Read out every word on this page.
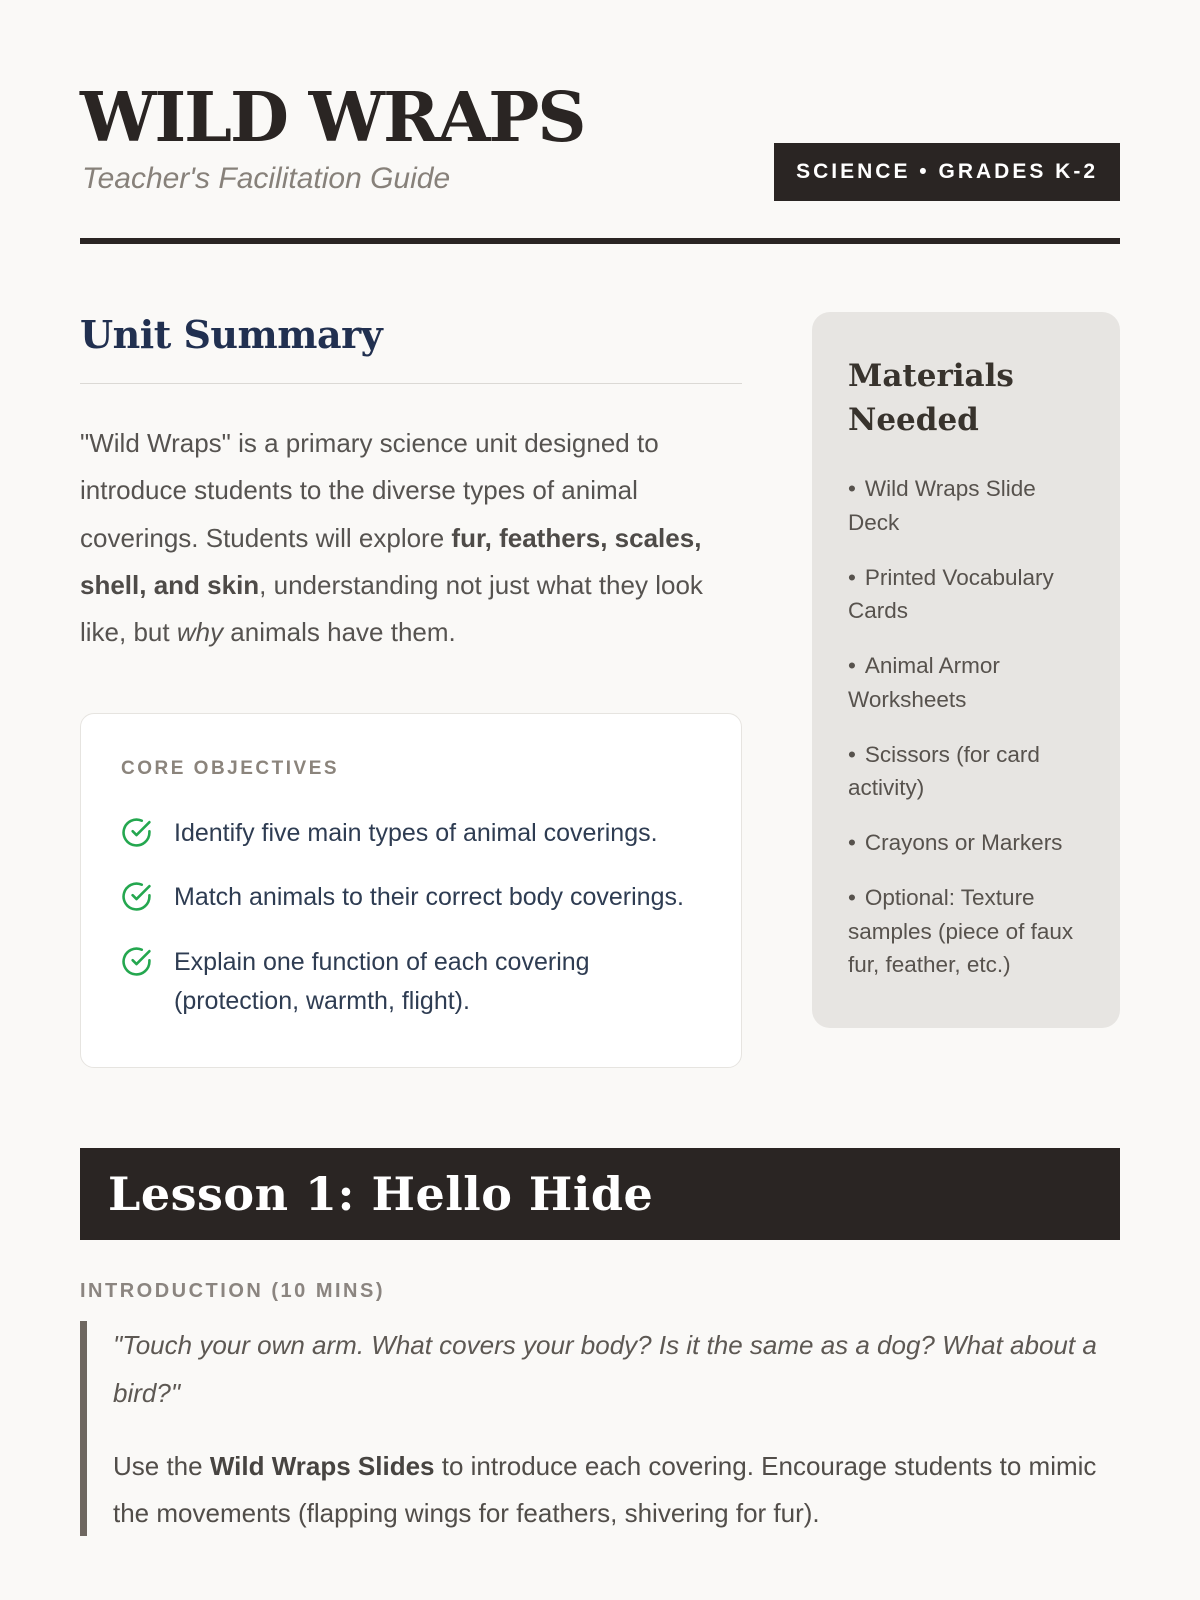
WILD WRAPS
Teacher's Facilitation Guide	SCIENCE • GRADES K-2
Unit Summary

"Wild Wraps" is a primary science unit designed to introduce students to the diverse types of animal coverings. Students will explore fur, feathers, scales, shell, and skin, understanding not just what they look like, but why animals have them.

CORE OBJECTIVES

Identify five main types of animal coverings.
Match animals to their correct body coverings.
Explain one function of each covering (protection, warmth, flight).
Materials Needed

• Wild Wraps Slide Deck

• Printed Vocabulary Cards

• Animal Armor Worksheets

• Scissors (for card activity)

• Crayons or Markers

• Optional: Texture samples (piece of faux fur, feather, etc.)

Lesson 1: Hello Hide

INTRODUCTION (10 MINS)

"Touch your own arm. What covers your body? Is it the same as a dog? What about a bird?"

Use the Wild Wraps Slides to introduce each covering. Encourage students to mimic the movements (flapping wings for feathers, shivering for fur).
